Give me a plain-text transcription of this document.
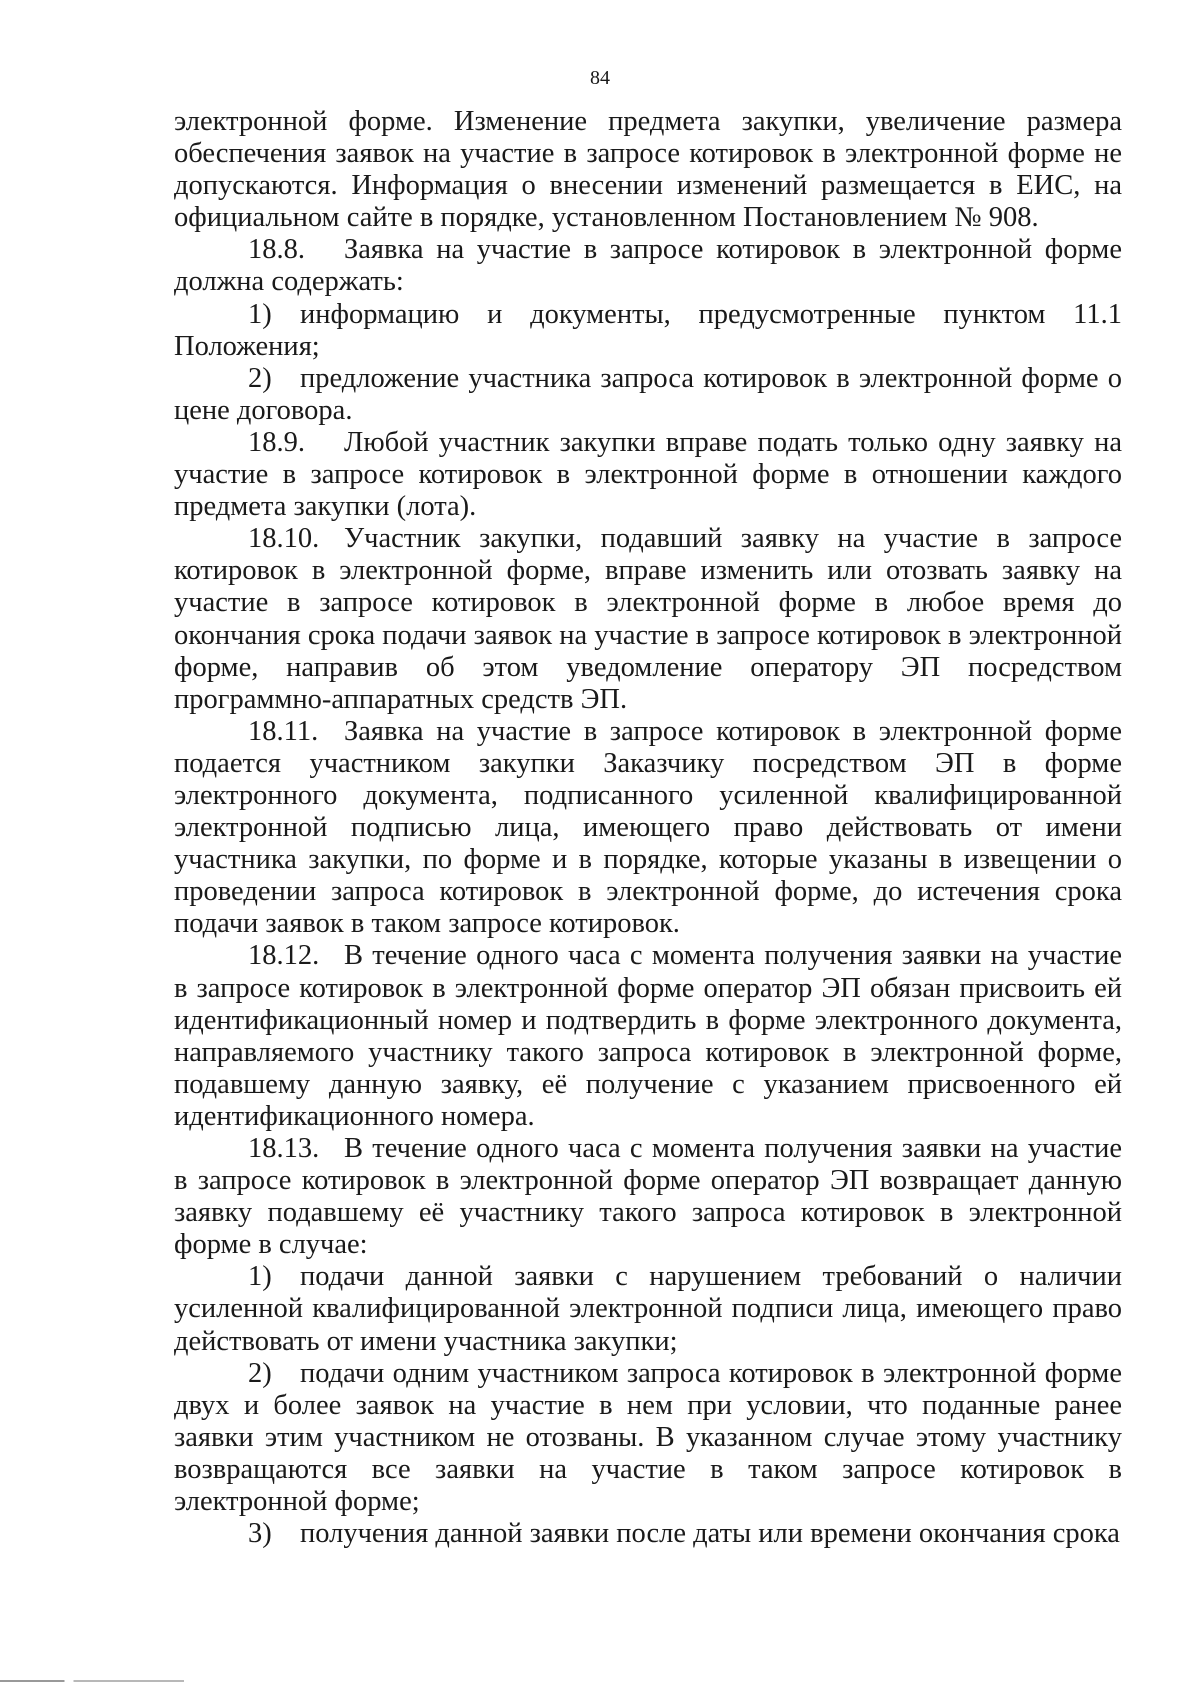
84

электронной форме. Изменение предмета закупки, увеличение размера обеспечения заявок на участие в запросе котировок в электронной форме не допускаются. Информация о внесении изменений размещается в ЕИС, на официальном сайте в порядке, установленном Постановлением № 908.

18.8. Заявка на участие в запросе котировок в электронной форме должна содержать:

1) информацию и документы, предусмотренные пунктом 11.1 Положения;

2) предложение участника запроса котировок в электронной форме о цене договора.

18.9. Любой участник закупки вправе подать только одну заявку на участие в запросе котировок в электронной форме в отношении каждого предмета закупки (лота).

18.10. Участник закупки, подавший заявку на участие в запросе котировок в электронной форме, вправе изменить или отозвать заявку на участие в запросе котировок в электронной форме в любое время до окончания срока подачи заявок на участие в запросе котировок в электронной форме, направив об этом уведомление оператору ЭП посредством программно-аппаратных средств ЭП.

18.11. Заявка на участие в запросе котировок в электронной форме подается участником закупки Заказчику посредством ЭП в форме электронного документа, подписанного усиленной квалифицированной электронной подписью лица, имеющего право действовать от имени участника закупки, по форме и в порядке, которые указаны в извещении о проведении запроса котировок в электронной форме, до истечения срока подачи заявок в таком запросе котировок.

18.12. В течение одного часа с момента получения заявки на участие в запросе котировок в электронной форме оператор ЭП обязан присвоить ей идентификационный номер и подтвердить в форме электронного документа, направляемого участнику такого запроса котировок в электронной форме, подавшему данную заявку, её получение с указанием присвоенного ей идентификационного номера.

18.13. В течение одного часа с момента получения заявки на участие в запросе котировок в электронной форме оператор ЭП возвращает данную заявку подавшему её участнику такого запроса котировок в электронной форме в случае:

1) подачи данной заявки с нарушением требований о наличии усиленной квалифицированной электронной подписи лица, имеющего право действовать от имени участника закупки;

2) подачи одним участником запроса котировок в электронной форме двух и более заявок на участие в нем при условии, что поданные ранее заявки этим участником не отозваны. В указанном случае этому участнику возвращаются все заявки на участие в таком запросе котировок в электронной форме;

3) получения данной заявки после даты или времени окончания срока
